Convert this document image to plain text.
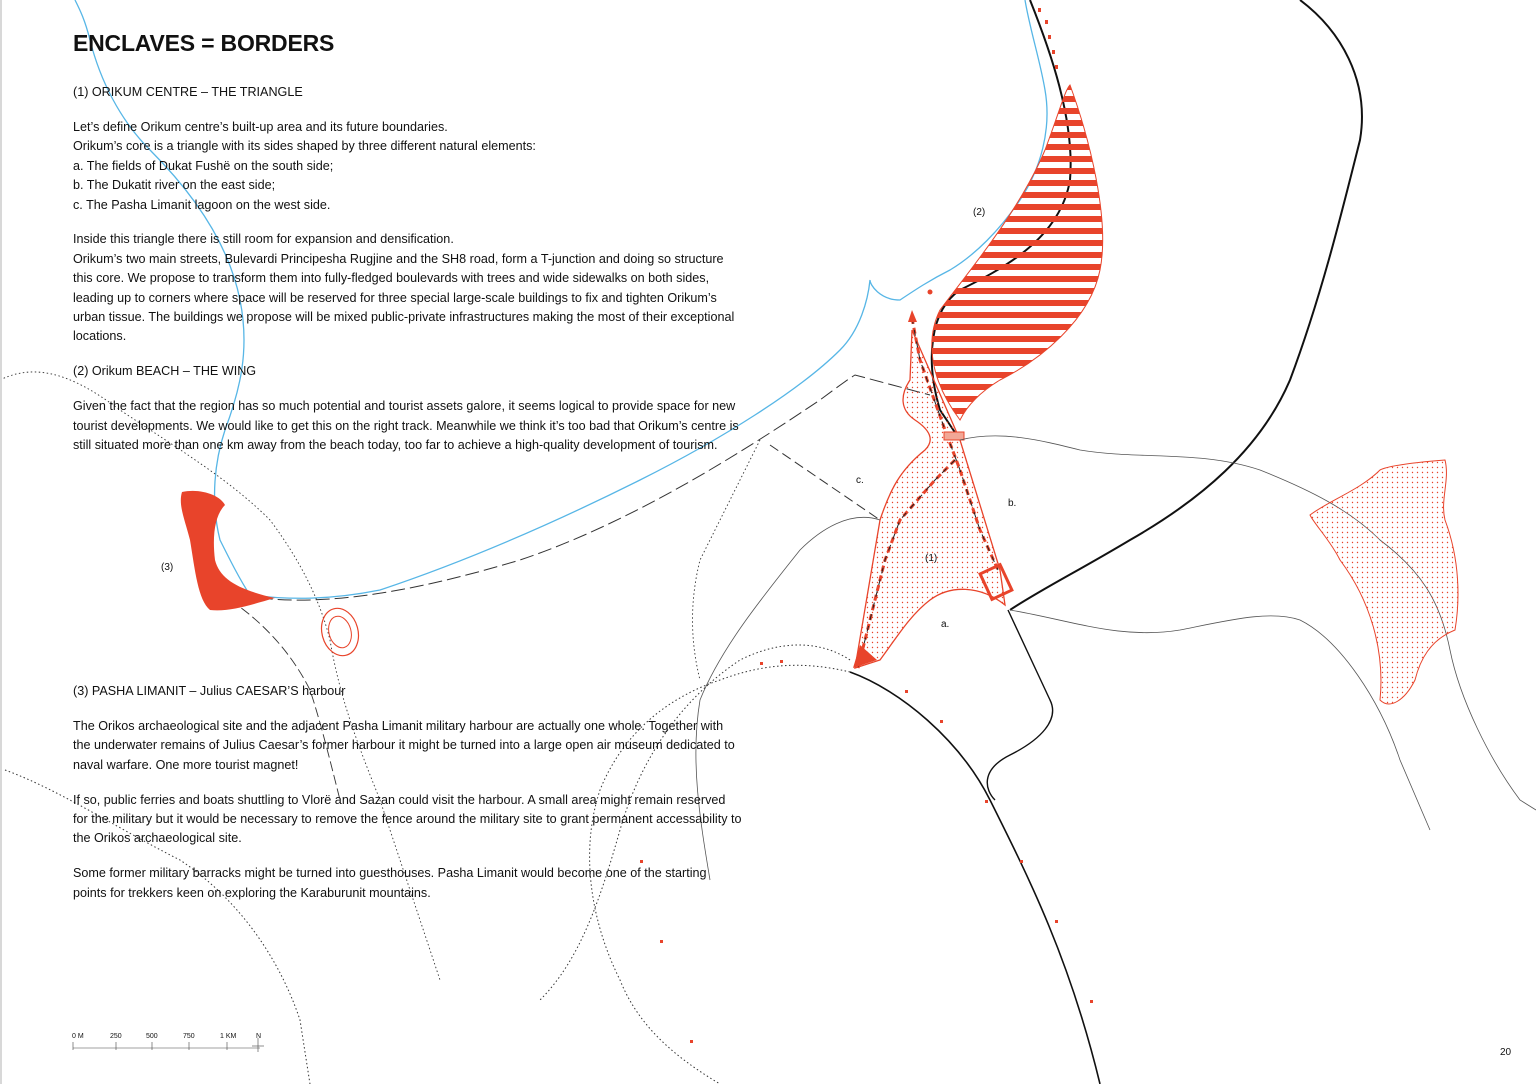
ENCLAVES = BORDERS

(1) ORIKUM CENTRE – THE TRIANGLE

Let’s define Orikum centre’s built-up area and its future boundaries.
Orikum’s core is a triangle with its sides shaped by three different natural elements:
a. The fields of Dukat Fushë on the south side;
b. The Dukatit river on the east side;
c. The Pasha Limanit lagoon on the west side.

Inside this triangle there is still room for expansion and densification.
Orikum’s two main streets, Bulevardi Principesha Rugjine and the SH8 road, form a T-junction and doing so structure
this core. We propose to transform them into fully-fledged boulevards with trees and wide sidewalks on both sides,
leading up to corners where space will be reserved for three special large-scale buildings to fix and tighten Orikum’s
urban tissue. The buildings we propose will be mixed public-private infrastructures making the most of their exceptional
locations.

(2) Orikum BEACH – THE WING

Given the fact that the region has so much potential and tourist assets galore, it seems logical to provide space for new
tourist developments. We would like to get this on the right track. Meanwhile we think it’s too bad that Orikum’s centre is
still situated more than one km away from the beach today, too far to achieve a high-quality development of tourism.

(3) PASHA LIMANIT – Julius CAESAR’S harbour

The Orikos archaeological site and the adjacent Pasha Limanit military harbour are actually one whole. Together with
the underwater remains of Julius Caesar’s former harbour it might be turned into a large open air museum dedicated to
naval warfare. One more tourist magnet!

If so, public ferries and boats shuttling to Vlorë and Sazan could visit the harbour. A small area might remain reserved
for the military but it would be necessary to remove the fence around the military site to grant permanent accessability to
the Orikos archaeological site.

Some former military barracks might be turned into guesthouses. Pasha Limanit would become one of the starting
points for trekkers keen on exploring the Karaburunit mountains.

(2)
(1)
(3)
a.
b.
c.
0 M	250	500	750	1 KM	N
20
